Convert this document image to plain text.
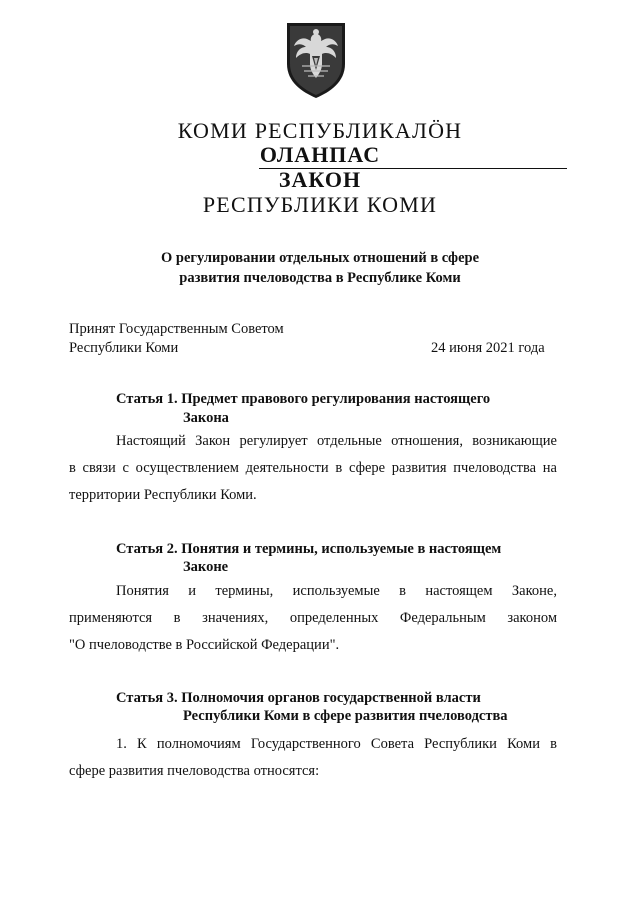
КОМИ РЕСПУБЛИКАЛӦН
ОЛАНПАС
ЗАКОН
РЕСПУБЛИКИ КОМИ
О регулировании отдельных отношений в сфере
развития пчеловодства в Республике Коми
Принят Государственным Советом
Республики Коми	24 июня 2021 года
Статья 1. Предмет правового регулирования настоящего
Закона
Настоящий Закон регулирует отдельные отношения, возникающие
в связи с осуществлением деятельности в сфере развития пчеловодства на
территории Республики Коми.
Статья 2. Понятия и термины, используемые в настоящем
Законе
Понятия и термины, используемые в настоящем Законе,
применяются в значениях, определенных Федеральным законом
"О пчеловодстве в Российской Федерации".
Статья 3. Полномочия органов государственной власти
Республики Коми в сфере развития пчеловодства
1. К полномочиям Государственного Совета Республики Коми в
сфере развития пчеловодства относятся:
